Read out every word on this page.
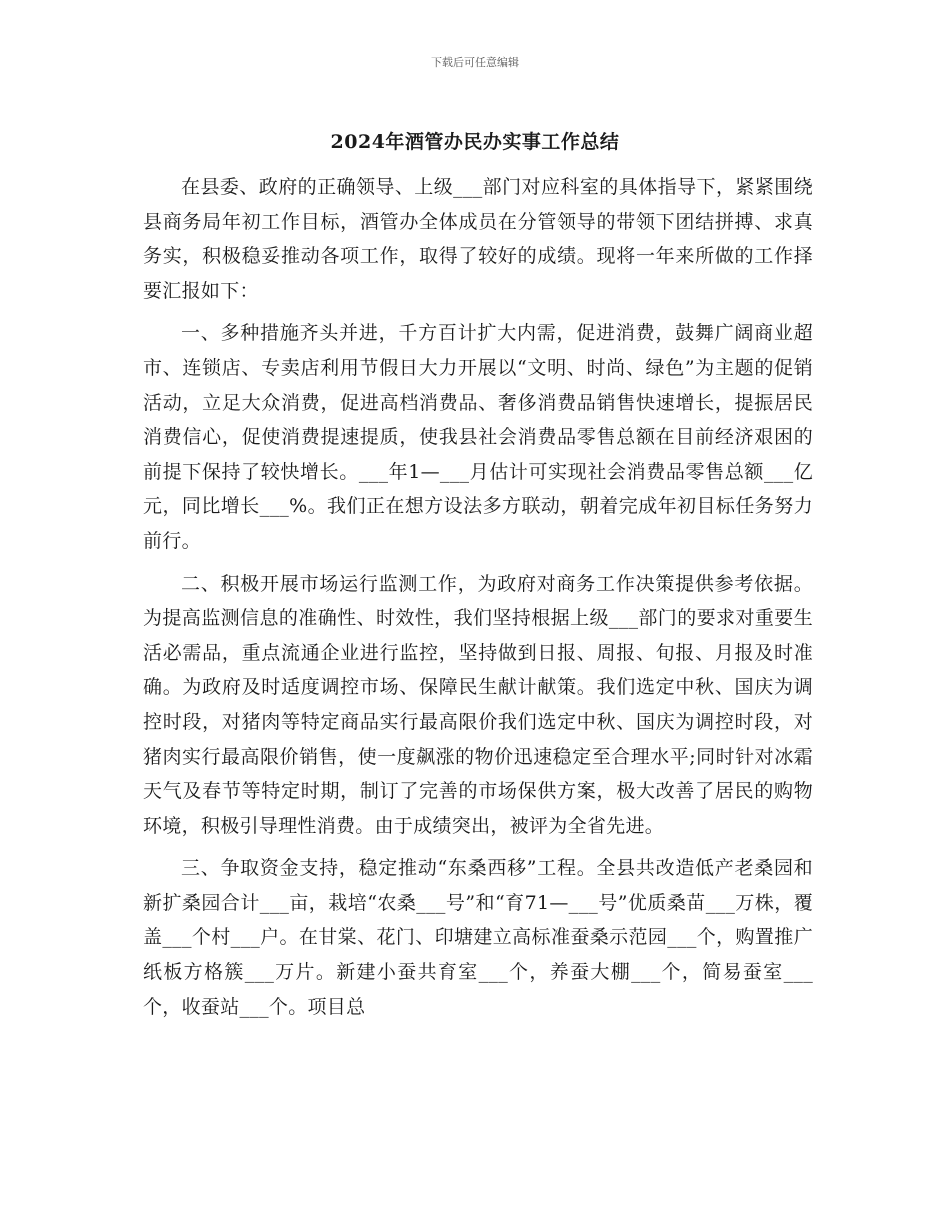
下载后可任意编辑
2024年酒管办民办实事工作总结

在县委、政府的正确领导、上级___部门对应科室的具体指导下，紧紧围绕县商务局年初工作目标，酒管办全体成员在分管领导的带领下团结拼搏、求真务实，积极稳妥推动各项工作，取得了较好的成绩。现将一年来所做的工作择要汇报如下：

一、多种措施齐头并进，千方百计扩大内需，促进消费，鼓舞广阔商业超市、连锁店、专卖店利用节假日大力开展以“文明、时尚、绿色”为主题的促销活动，立足大众消费，促进高档消费品、奢侈消费品销售快速增长，提振居民消费信心，促使消费提速提质，使我县社会消费品零售总额在目前经济艰困的前提下保持了较快增长。___年1—___月估计可实现社会消费品零售总额___亿元，同比增长___%。我们正在想方设法多方联动，朝着完成年初目标任务努力前行。

二、积极开展市场运行监测工作，为政府对商务工作决策提供参考依据。为提高监测信息的准确性、时效性，我们坚持根据上级___部门的要求对重要生活必需品，重点流通企业进行监控，坚持做到日报、周报、旬报、月报及时准确。为政府及时适度调控市场、保障民生献计献策。我们选定中秋、国庆为调控时段，对猪肉等特定商品实行最高限价我们选定中秋、国庆为调控时段，对猪肉实行最高限价销售，使一度飙涨的物价迅速稳定至合理水平;同时针对冰霜天气及春节等特定时期，制订了完善的市场保供方案，极大改善了居民的购物环境，积极引导理性消费。由于成绩突出，被评为全省先进。

三、争取资金支持，稳定推动“东桑西移”工程。全县共改造低产老桑园和新扩桑园合计___亩，栽培“农桑___号”和“育71—___号”优质桑苗___万株，覆盖___个村___户。在甘棠、花门、印塘建立高标准蚕桑示范园___个，购置推广纸板方格簇___万片。新建小蚕共育室___个，养蚕大棚___个，简易蚕室___个，收蚕站___个。项目总
